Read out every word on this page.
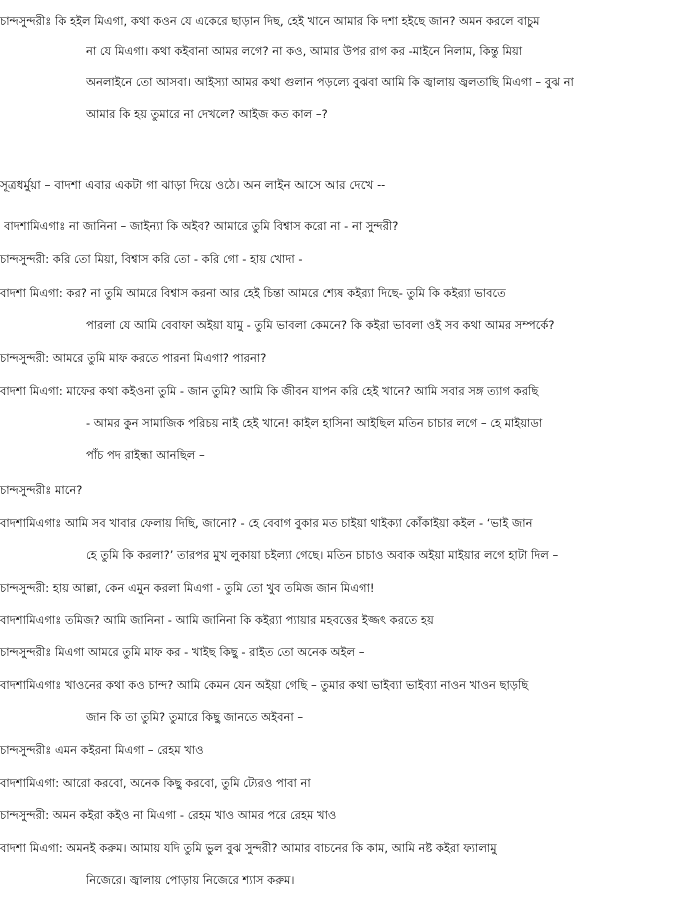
চান্দসুন্দরীঃ কি হইল মিএগা, কথা কওন যে একেরে ছাড়ান দিছ, হেই খানে আমার কি দশা হইছে জান? অমন করলে বাচুম
না যে মিএগা। কথা কইবানা আমর লগে? না কও, আমার উপর রাগ কর -মাইনে নিলাম, কিন্তু মিয়া
অনলাইনে তো আসবা। আইস্যা আমর কথা গুলান পড়ল্যে বুঝবা আমি কি জ্বালায় জ্বলতাছি মিএগা – বুঝ না
আমার কি হয় তুমারে না দেখলে? আইজ কত কাল –?
সূত্রধর্মুয়া – বাদশা এবার একটা গা ঝাড়া দিয়ে ওঠে। অন লাইন আসে আর দেখে --
বাদশামিএগাঃ না জানিনা – জাইন্যা কি অইব? আমারে তুমি বিশ্বাস করো না - না সুন্দরী?
চান্দসুন্দরী: করি তো মিয়া, বিশ্বাস করি তো - করি গো - হায় খোদা -
বাদশা মিএগা: কর? না তুমি আমরে বিশ্বাস করনা আর হেই চিন্তা আমরে শ্যেষ কইর‍্যা দিছে- তুমি কি কইর‍্যা ভাবতে
পারলা যে আমি বেবাফা অইয়া যামু - তুমি ভাবলা কেমনে? কি কইরা ভাবলা ওই সব কথা আমর সম্পর্কে?
চান্দসুন্দরী: আমরে তুমি মাফ করতে পারনা মিএগা? পারনা?
বাদশা মিএগা: মাফের কথা কইওনা তুমি - জান তুমি? আমি কি জীবন যাপন করি হেই খানে? আমি সবার সঙ্গ ত্যাগ করছি
- আমর কুন সামাজিক পরিচয় নাই হেই খানে! কাইল হাসিনা আইছিল মতিন চাচার লগে – হে মাইয়াডা
পাঁচ পদ রাইন্ধা আনছিল –
চান্দসুন্দরীঃ মানে?
বাদশামিএগাঃ আমি সব খাবার ফেলায় দিছি, জানো? - হে বেবাগ বুকার মত চাইয়া থাইক্যা কোঁকাইয়া কইল - ‘ভাই জান
হে তুমি কি করলা?’ তারপর মুখ লুকায়া চইল্যা গেছে। মতিন চাচাও অবাক অইয়া মাইয়ার লগে হাটা দিল –
চান্দসুন্দরী: হায় আল্লা, কেন এমুন করলা মিএগা - তুমি তো খুব তমিজ জান মিএগা!
বাদশামিএগাঃ তমিজ? আমি জানিনা - আমি জানিনা কি কইর‍্যা প্যায়ার মহবত্তের ইজ্জৎ করতে হয়
চান্দসুন্দরীঃ মিএগা আমরে তুমি মাফ কর - খাইছ কিছু - রাইত তো অনেক অইল –
বাদশামিএগাঃ খাওনের কথা কও চান্দ? আমি কেমন যেন অইয়া গেছি – তুমার কথা ভাইব্যা ভাইব্যা নাওন খাওন ছাড়ছি
জান কি তা তুমি? তুমারে কিছু জানতে অইবনা –
চান্দসুন্দরীঃ এমন কইরনা মিএগা – রেহম খাও
বাদশামিএগা: আরো করবো, অনেক কিছু করবো, তুমি ট্যেরও পাবা না
চান্দসুন্দরী: অমন কইরা কইও না মিএগা - রেহম খাও আমর পরে রেহম খাও
বাদশা মিএগা: অমনই করুম। আমায় যদি তুমি ভুল বুঝ সুন্দরী? আমার বাচনের কি কাম, আমি নষ্ট কইরা ফ্যালামু
নিজেরে। জ্বালায় পোড়ায় নিজেরে শ্যাস করুম।
